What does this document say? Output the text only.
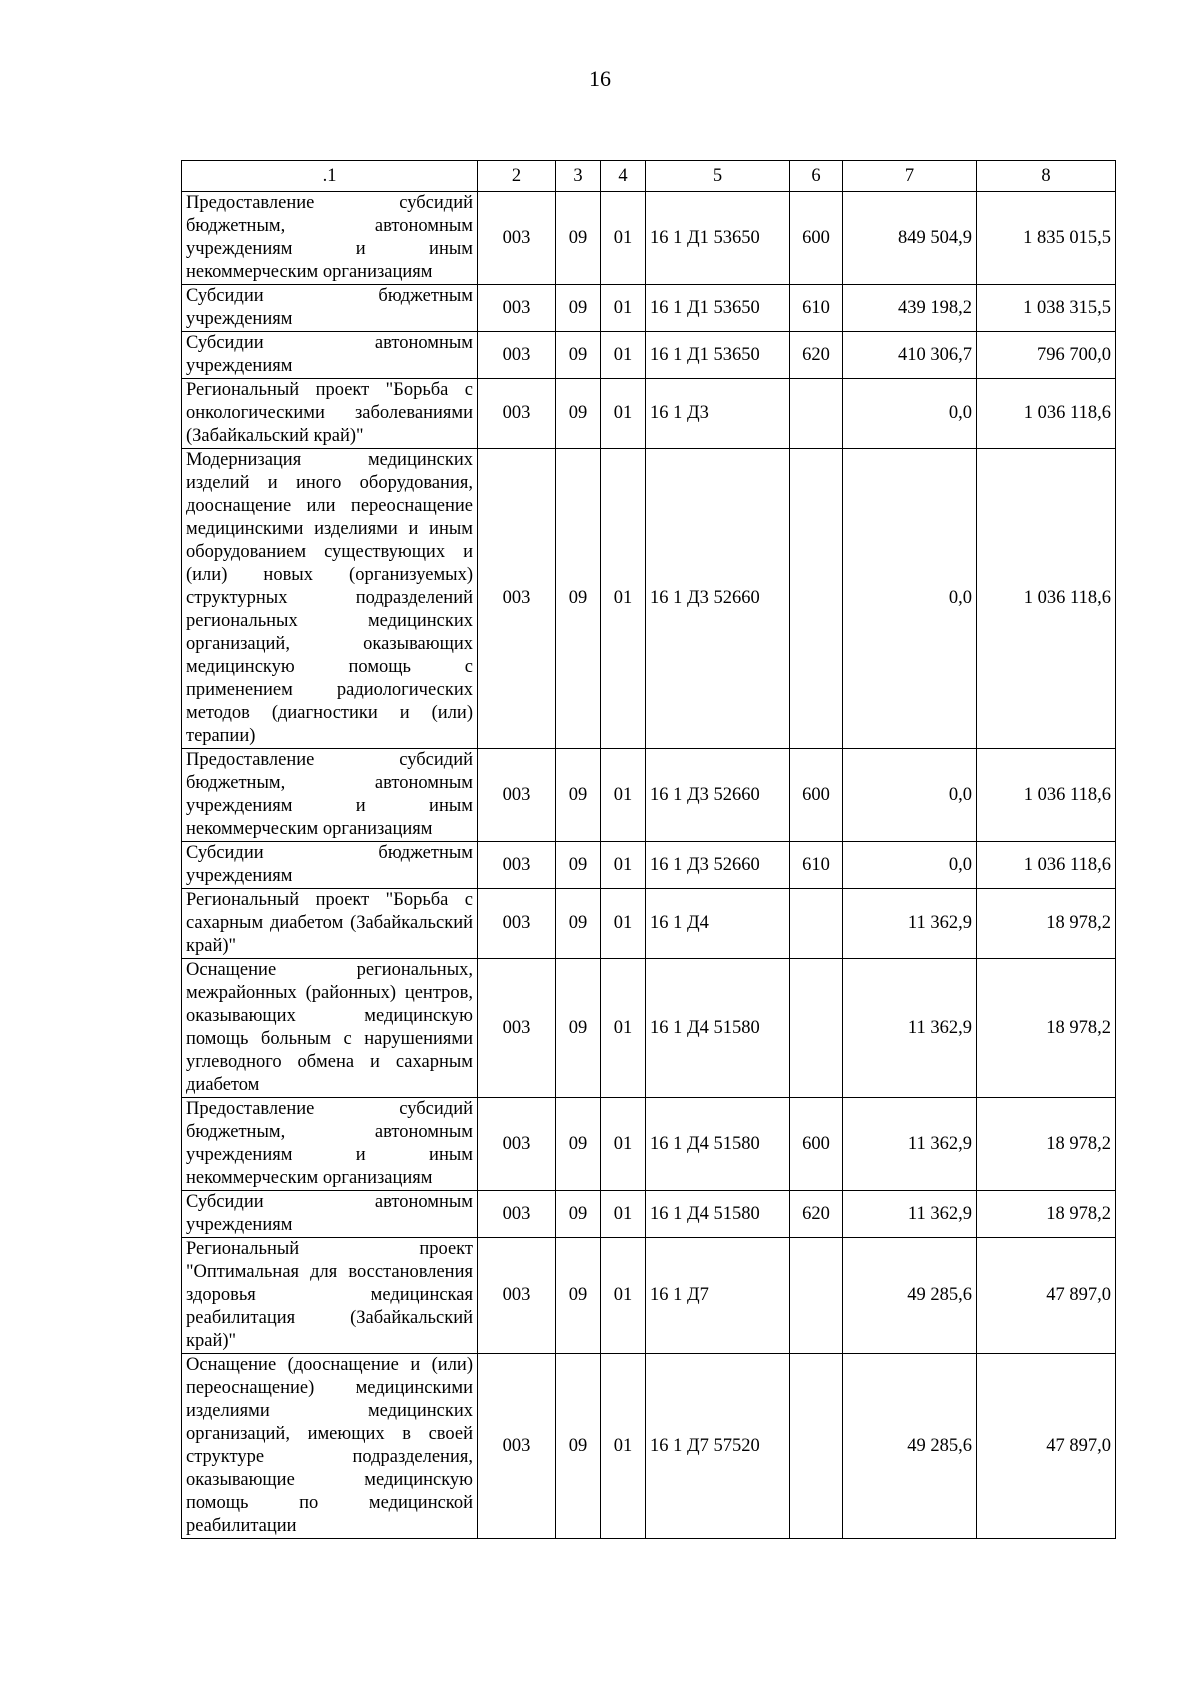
16
.1	2	3	4	5	6	7	8
Предоставление субсидий бюджетным, автономным учреждениям и иным некоммерческим организациям	003	09	01	16 1 Д1 53650	600	849 504,9	1 835 015,5
Субсидии бюджетным учреждениям	003	09	01	16 1 Д1 53650	610	439 198,2	1 038 315,5
Субсидии автономным учреждениям	003	09	01	16 1 Д1 53650	620	410 306,7	796 700,0
Региональный проект "Борьба с онкологическими заболеваниями (Забайкальский край)"	003	09	01	16 1 Д3		0,0	1 036 118,6
Модернизация медицинских изделий и иного оборудования, дооснащение или переоснащение медицинскими изделиями и иным оборудованием существующих и (или) новых (организуемых) структурных подразделений региональных медицинских организаций, оказывающих медицинскую помощь с применением радиологических методов (диагностики и (или) терапии)	003	09	01	16 1 Д3 52660		0,0	1 036 118,6
Предоставление субсидий бюджетным, автономным учреждениям и иным некоммерческим организациям	003	09	01	16 1 Д3 52660	600	0,0	1 036 118,6
Субсидии бюджетным учреждениям	003	09	01	16 1 Д3 52660	610	0,0	1 036 118,6
Региональный проект "Борьба с сахарным диабетом (Забайкальский край)"	003	09	01	16 1 Д4		11 362,9	18 978,2
Оснащение региональных, межрайонных (районных) центров, оказывающих медицинскую помощь больным с нарушениями углеводного обмена и сахарным диабетом	003	09	01	16 1 Д4 51580		11 362,9	18 978,2
Предоставление субсидий бюджетным, автономным учреждениям и иным некоммерческим организациям	003	09	01	16 1 Д4 51580	600	11 362,9	18 978,2
Субсидии автономным учреждениям	003	09	01	16 1 Д4 51580	620	11 362,9	18 978,2
Региональный проект "Оптимальная для восстановления здоровья медицинская реабилитация (Забайкальский край)"	003	09	01	16 1 Д7		49 285,6	47 897,0
Оснащение (дооснащение и (или) переоснащение) медицинскими изделиями медицинских организаций, имеющих в своей структуре подразделения, оказывающие медицинскую помощь по медицинской реабилитации	003	09	01	16 1 Д7 57520		49 285,6	47 897,0
